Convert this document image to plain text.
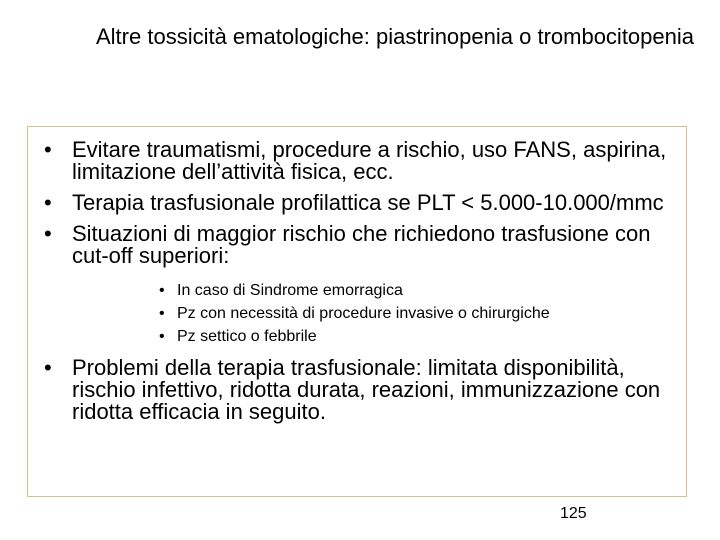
Altre tossicità ematologiche: piastrinopenia o trombocitopenia
• Evitare traumatismi, procedure a rischio, uso FANS, aspirina, limitazione dell’attività fisica, ecc.
• Terapia trasfusionale profilattica se PLT < 5.000-10.000/mmc
• Situazioni di maggior rischio che richiedono trasfusione con cut-off superiori:
• In caso di Sindrome emorragica
• Pz con necessità di procedure invasive o chirurgiche
• Pz settico o febbrile
• Problemi della terapia trasfusionale: limitata disponibilità, rischio infettivo, ridotta durata, reazioni, immunizzazione con ridotta efficacia in seguito.

125
